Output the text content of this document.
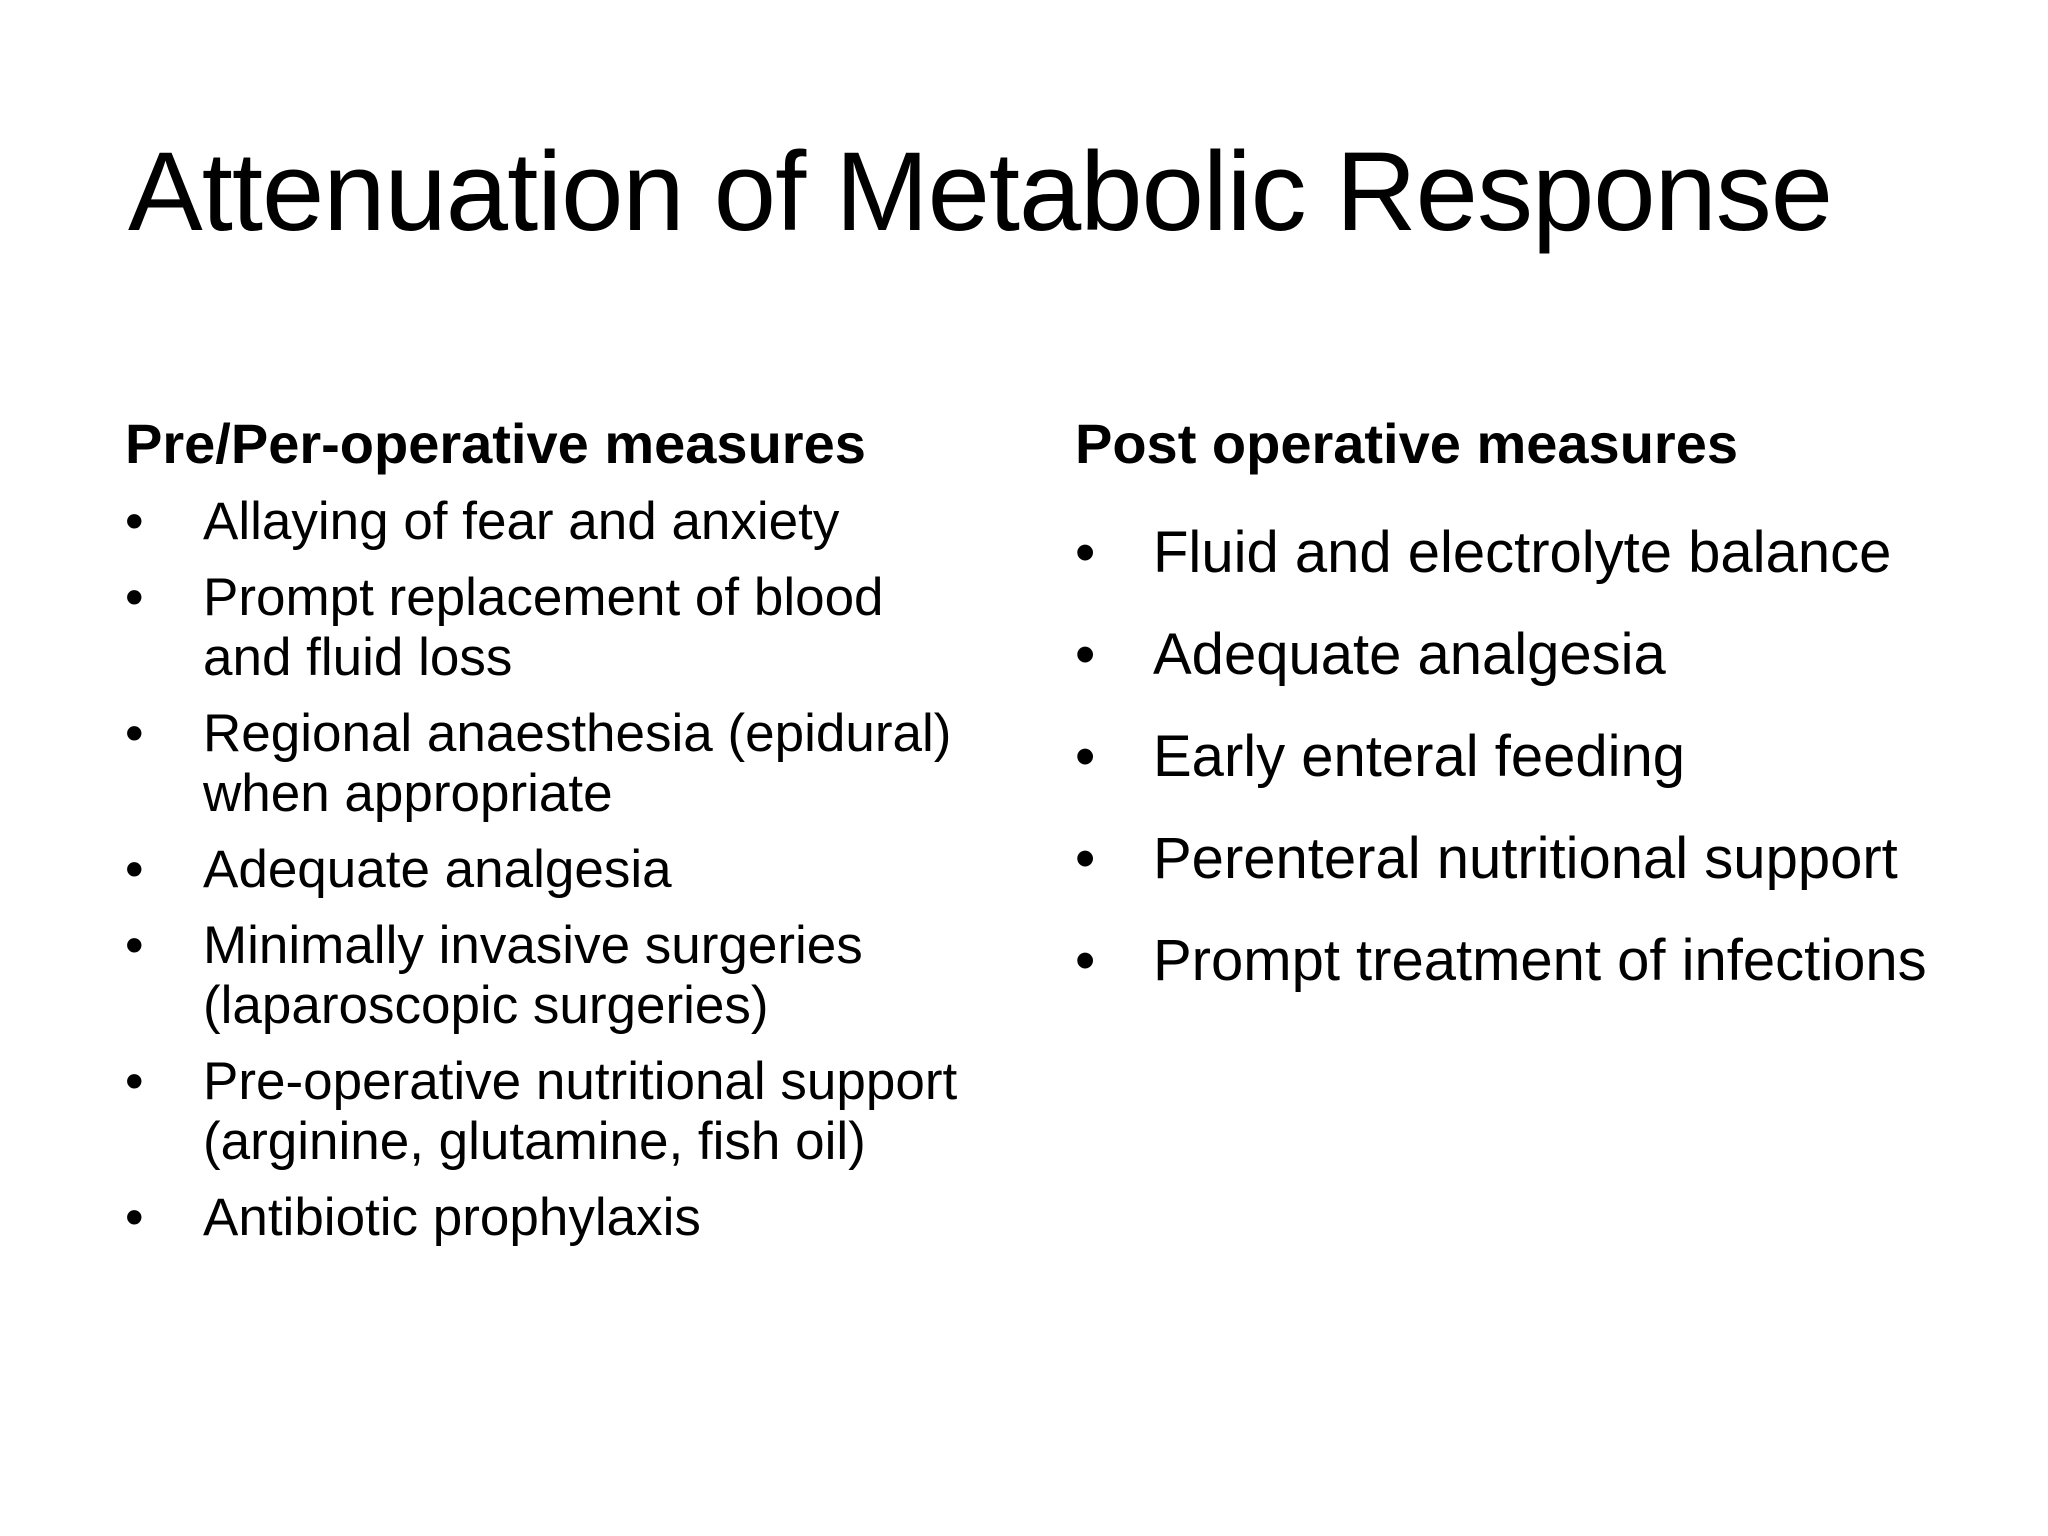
Attenuation of Metabolic Response
Pre/Per-operative measures
• Allaying of fear and anxiety
• Prompt replacement of blood and fluid loss
• Regional anaesthesia (epidural) when appropriate
• Adequate analgesia
• Minimally invasive surgeries (laparoscopic surgeries)
• Pre-operative nutritional support (arginine, glutamine, fish oil)
• Antibiotic prophylaxis
Post operative measures
• Fluid and electrolyte balance
• Adequate analgesia
• Early enteral feeding
• Perenteral nutritional support
• Prompt treatment of infections
